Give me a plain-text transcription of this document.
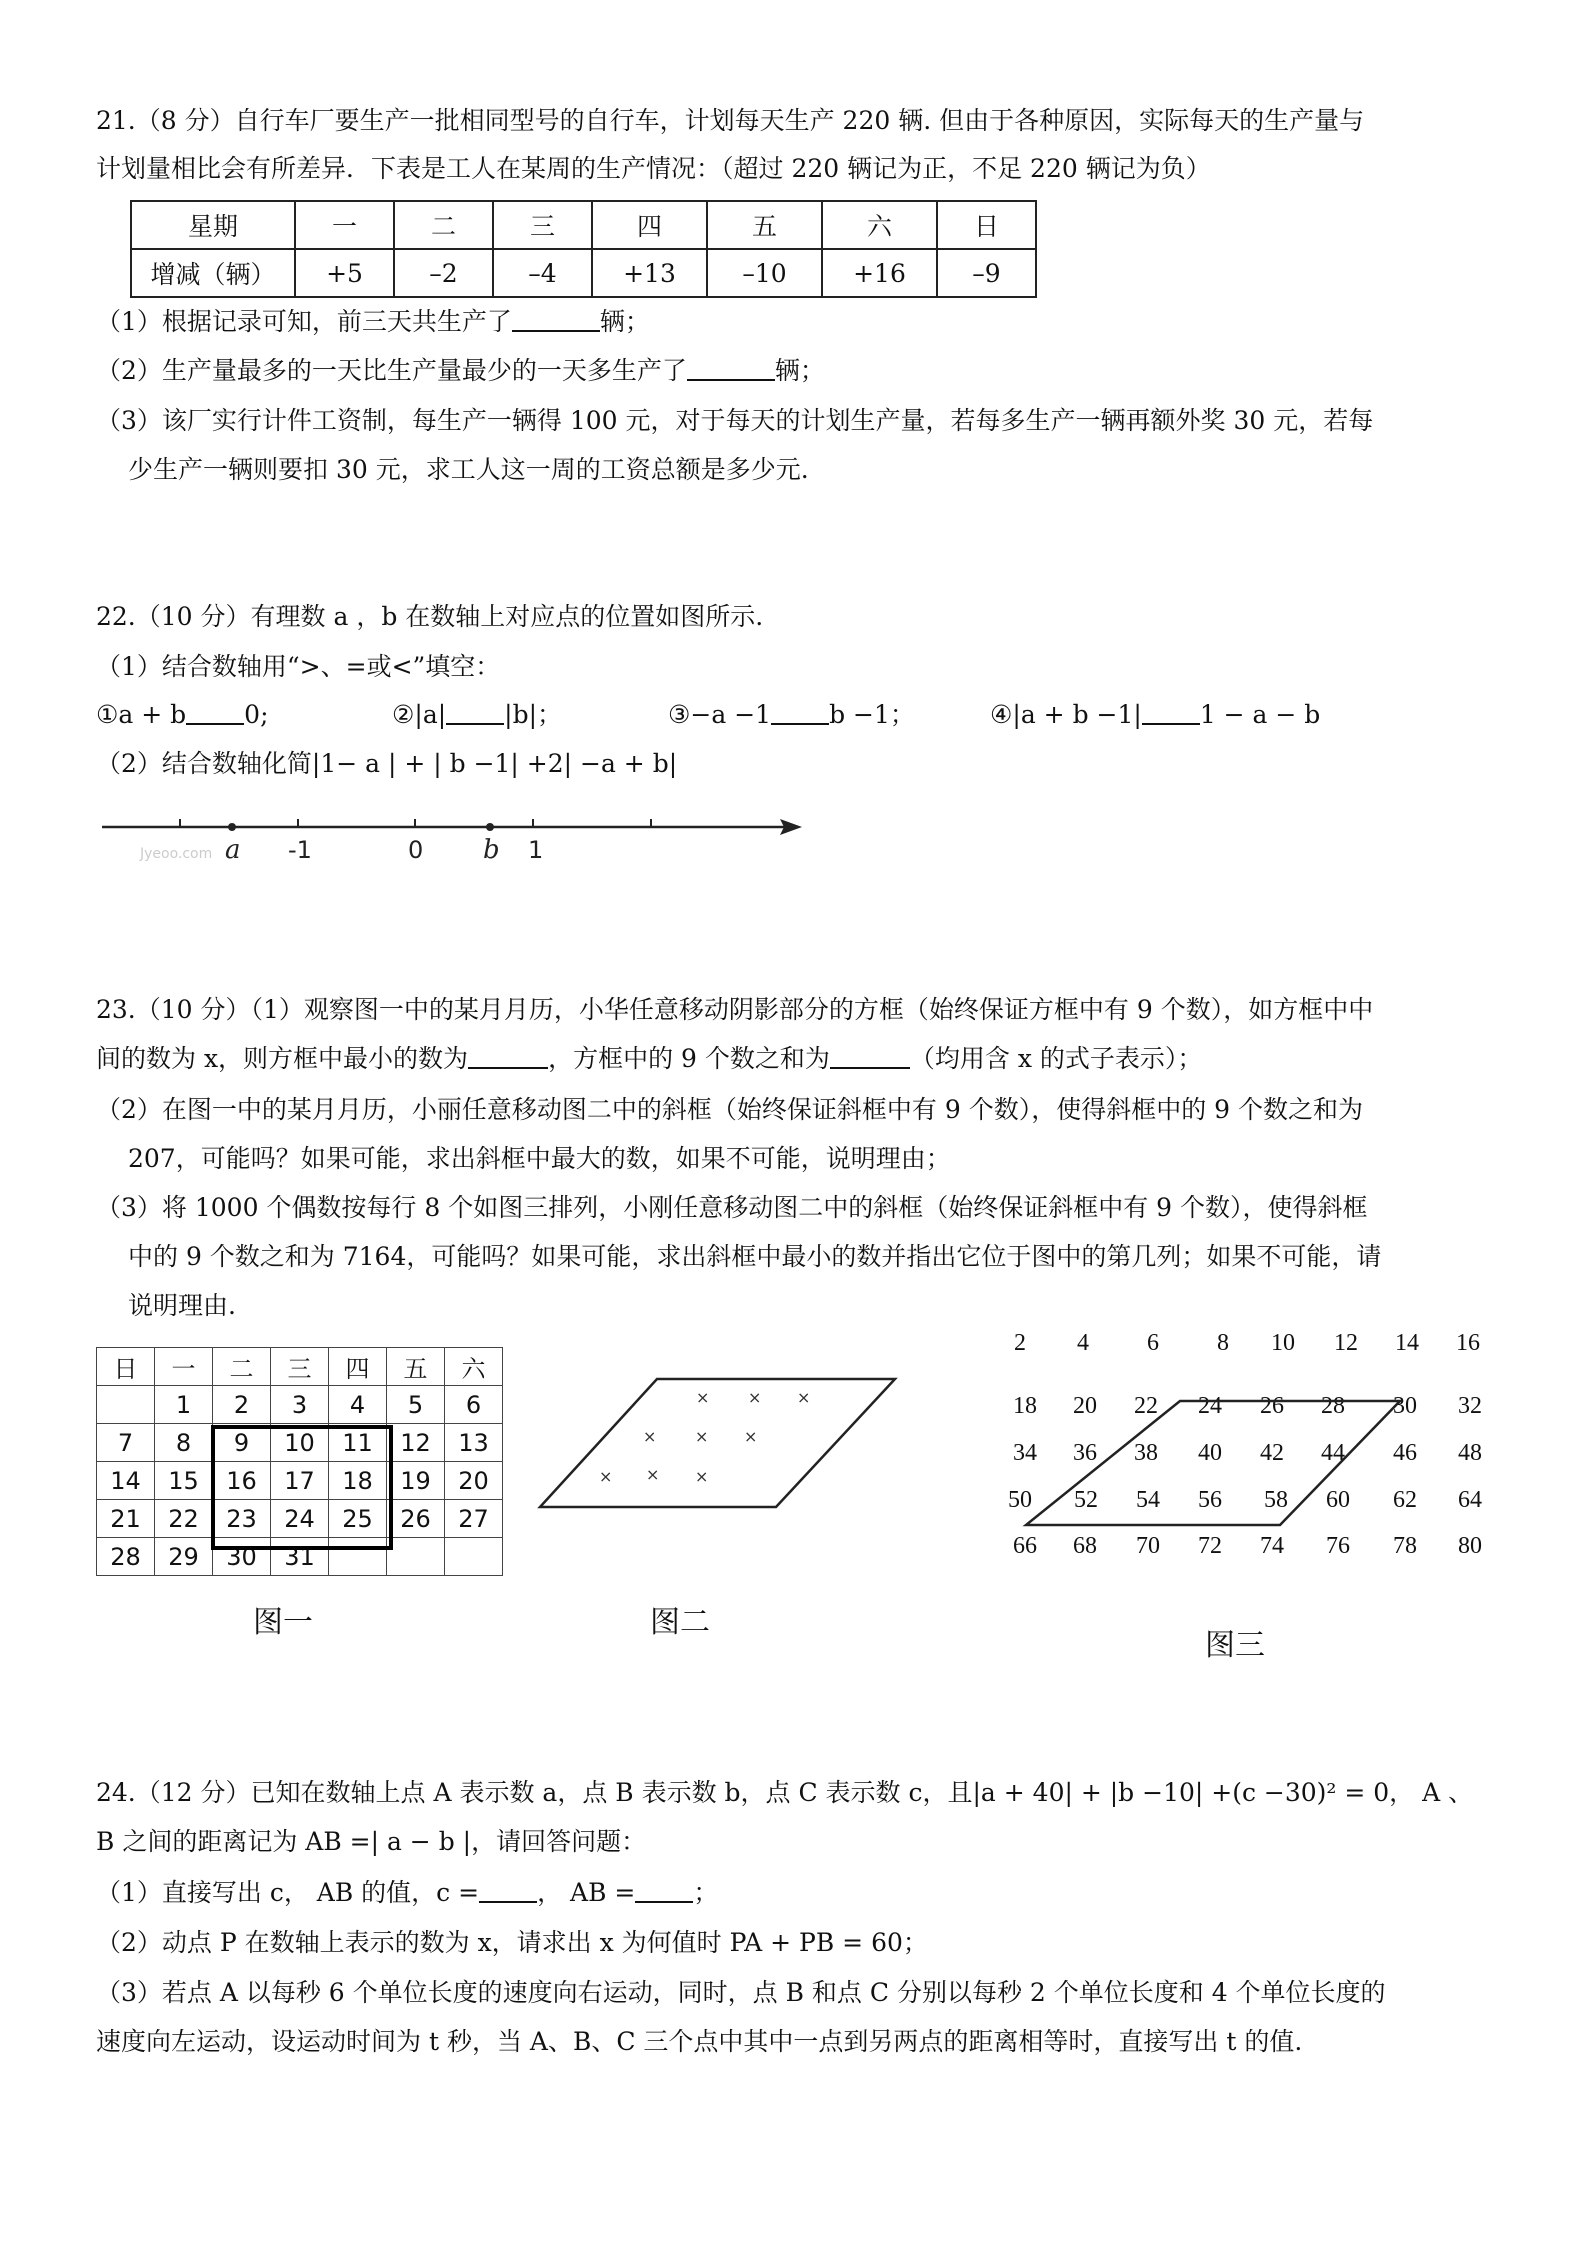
21.（8 分）自行车厂要生产一批相同型号的自行车，计划每天生产 220 辆. 但由于各种原因，实际每天的生产量与
计划量相比会有所差异．下表是工人在某周的生产情况：（超过 220 辆记为正，不足 220 辆记为负）
星期	一	二	三	四	五	六	日
增减（辆）	+5	–2	–4	+13	–10	+16	–9
（1）根据记录可知，前三天共生产了	辆；
（2）生产量最多的一天比生产量最少的一天多生产了	辆；
（3）该厂实行计件工资制，每生产一辆得 100 元，对于每天的计划生产量，若每多生产一辆再额外奖 30 元，若每
少生产一辆则要扣 30 元，求工人这一周的工资总额是多少元.
22.（10 分）有理数 a ，b 在数轴上对应点的位置如图所示.
（1）结合数轴用“>、=或<”填空：
①a + b 0;	②|a| |b|；	③−a −1 b −1；	④|a + b −1| 1 − a − b
（2）结合数轴化简|1− a | + | b −1| +2| −a + b|
Jyeoo.com a -1	0 b 1
23.（10 分）（1）观察图一中的某月月历，小华任意移动阴影部分的方框（始终保证方框中有 9 个数），如方框中中
间的数为 x，则方框中最小的数为	，方框中的 9 个数之和为	（均用含 x 的式子表示）；
（2）在图一中的某月月历，小丽任意移动图二中的斜框（始终保证斜框中有 9 个数），使得斜框中的 9 个数之和为
207，可能吗？如果可能，求出斜框中最大的数，如果不可能，说明理由；
（3）将 1000 个偶数按每行 8 个如图三排列，小刚任意移动图二中的斜框（始终保证斜框中有 9 个数），使得斜框
中的 9 个数之和为 7164，可能吗？如果可能，求出斜框中最小的数并指出它位于图中的第几列；如果不可能，请
说明理由.
日	一	二	三	四	五	六
	1	2	3	4	5	6
7	8	9	10	11	12	13
14	15	16	17	18	19	20
21	22	23	24	25	26	27
28	29	30	31			
图一
× × ×
× × ×
× × ×
图二
2	4	6	8	10	12	14	16
18	20	22	24	26	28	30	32
34	36	38	40	42	44	46	48
50	52	54	56	58	60	62	64
66	68	70	72	74	76	78	80
图三
24.（12 分）已知在数轴上点 A 表示数 a，点 B 表示数 b，点 C 表示数 c，且|a + 40| + |b −10| +(c −30)² = 0， A 、
B 之间的距离记为 AB =| a − b |，请回答问题：
（1）直接写出 c， AB 的值，c = ， AB = ；
（2）动点 P 在数轴上表示的数为 x，请求出 x 为何值时 PA + PB = 60；
（3）若点 A 以每秒 6 个单位长度的速度向右运动，同时，点 B 和点 C 分别以每秒 2 个单位长度和 4 个单位长度的
速度向左运动，设运动时间为 t 秒，当 A、B、C 三个点中其中一点到另两点的距离相等时，直接写出 t 的值.
